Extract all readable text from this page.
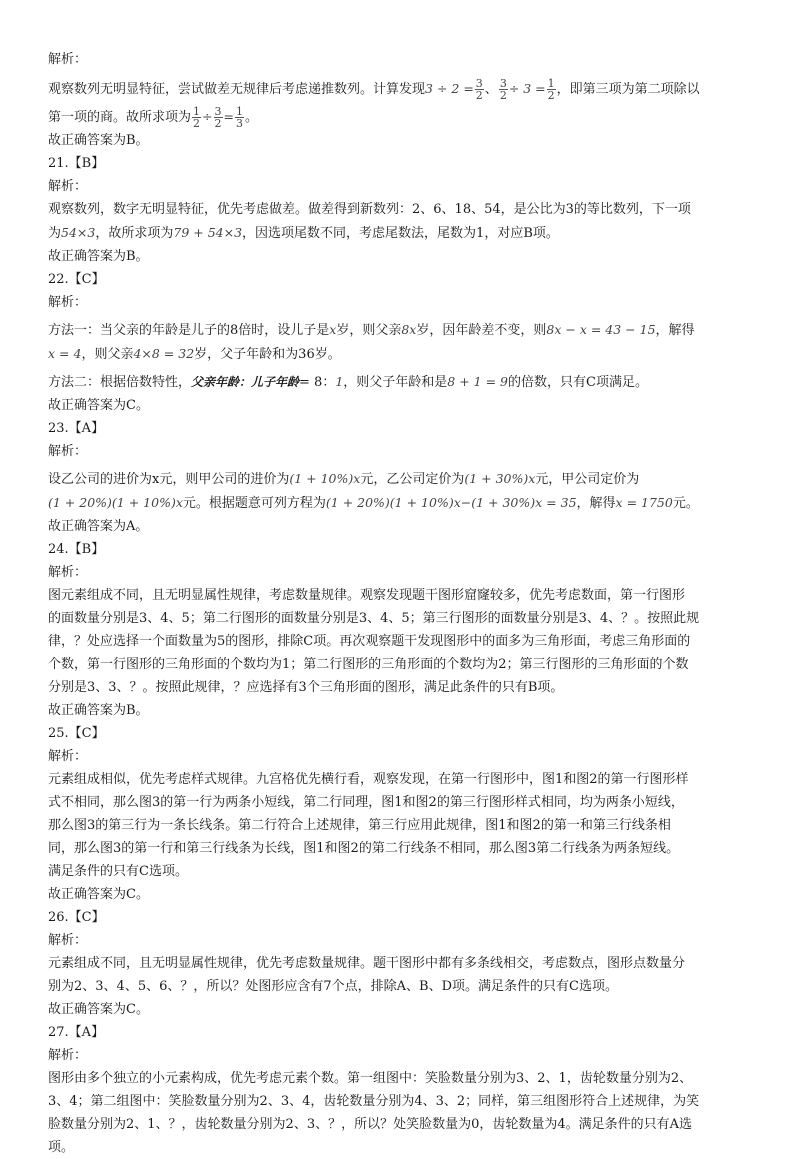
解析：
观察数列无明显特征，尝试做差无规律后考虑递推数列。计算发现$3 \div 2 = \frac{3}{2}$ 、 $\frac{3}{2} \div 3 = \frac{1}{2}$ ，即第三项为第二项除以
第一项的商。故所求项为 $\frac{1}{2} \div \frac{3}{2} = \frac{1}{3}$ 。
故正确答案为B。
21.【B】
解析：
观察数列，数字无明显特征，优先考虑做差。做差得到新数列：2、6、18、54，是公比为3的等比数列，下一项
为54×3，故所求项为79 + 54×3，因选项尾数不同，考虑尾数法，尾数为1，对应B项。
故正确答案为B。
22.【C】
解析：
方法一：当父亲的年龄是儿子的8倍时，设儿子是x岁，则父亲8x岁，因年龄差不变，则8x − x = 43 − 15，解得
x = 4，则父亲4×8 = 32岁，父子年龄和为36岁。
方法二：根据倍数特性，父亲年龄：儿子年龄= 8：1，则父子年龄和是8 + 1 = 9的倍数，只有C项满足。
故正确答案为C。
23.【A】
解析：
设乙公司的进价为x元，则甲公司的进价为(1 + 10%)x元，乙公司定价为(1 + 30%)x元，甲公司定价为
(1 + 20%)(1 + 10%)x元。根据题意可列方程为(1 + 20%)(1 + 10%)x−(1 + 30%)x = 35，解得x = 1750元。
故正确答案为A。
24.【B】
解析：
图元素组成不同，且无明显属性规律，考虑数量规律。观察发现题干图形窟窿较多，优先考虑数面，第一行图形
的面数量分别是3、4、5；第二行图形的面数量分别是3、4、5；第三行图形的面数量分别是3、4、？。按照此规
律，？处应选择一个面数量为5的图形，排除C项。再次观察题干发现图形中的面多为三角形面，考虑三角形面的
个数，第一行图形的三角形面的个数均为1；第二行图形的三角形面的个数均为2；第三行图形的三角形面的个数
分别是3、3、？。按照此规律，？应选择有3个三角形面的图形，满足此条件的只有B项。
故正确答案为B。
25.【C】
解析：
元素组成相似，优先考虑样式规律。九宫格优先横行看，观察发现，在第一行图形中，图1和图2的第一行图形样
式不相同，那么图3的第一行为两条小短线，第二行同理，图1和图2的第三行图形样式相同，均为两条小短线，
那么图3的第三行为一条长线条。第二行符合上述规律，第三行应用此规律，图1和图2的第一和第三行线条相
同，那么图3的第一行和第三行线条为长线，图1和图2的第二行线条不相同，那么图3第二行线条为两条短线。
满足条件的只有C选项。
故正确答案为C。
26.【C】
解析：
元素组成不同，且无明显属性规律，优先考虑数量规律。题干图形中都有多条线相交，考虑数点，图形点数量分
别为2、3、4、5、6、？，所以？处图形应含有7个点，排除A、B、D项。满足条件的只有C选项。
故正确答案为C。
27.【A】
解析：
图形由多个独立的小元素构成，优先考虑元素个数。第一组图中：笑脸数量分别为3、2、1，齿轮数量分别为2、
3、4；第二组图中：笑脸数量分别为2、3、4，齿轮数量分别为4、3、2；同样，第三组图形符合上述规律，为笑
脸数量分别为2、1、？，齿轮数量分别为2、3、？，所以？处笑脸数量为0，齿轮数量为4。满足条件的只有A选
项。
